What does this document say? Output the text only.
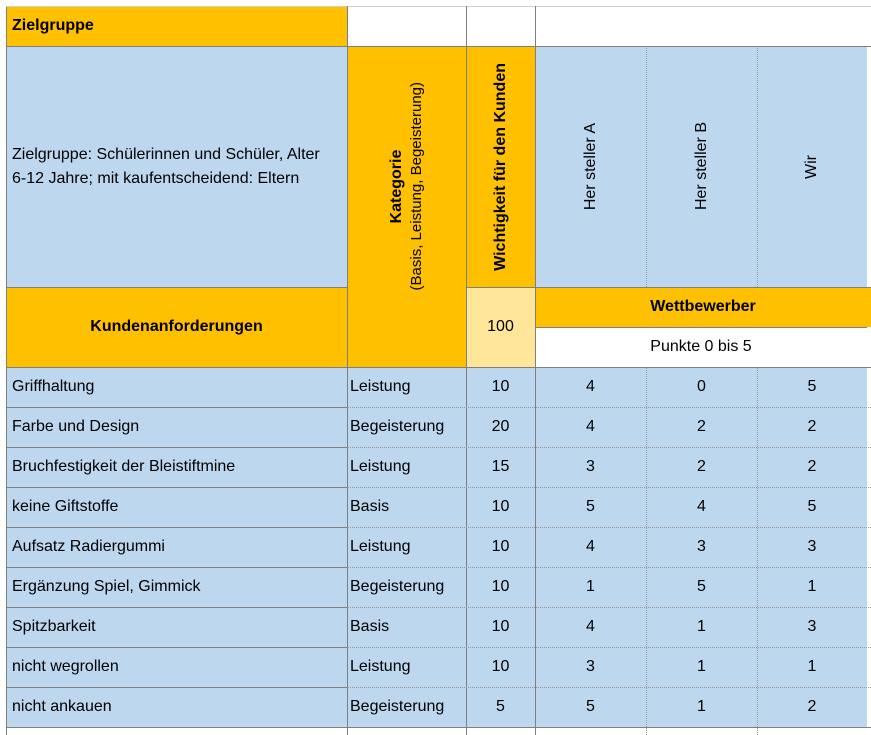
Zielgruppe
Zielgruppe: Schülerinnen und Schüler, Alter
6-12 Jahre; mit kaufentscheidend: Eltern	Kategorie (Basis, Leistung, Begeisterung)	Wichtigkeit für den Kunden	Her steller A	Her steller B	Wir
Kundenanforderungen	100
Wettbewerber
Punkte 0 bis 5
Griffhaltung	Leistung	10	4	0	5
Farbe und Design	Begeisterung	20	4	2	2
Bruchfestigkeit der Bleistiftmine	Leistung	15	3	2	2
keine Giftstoffe	Basis	10	5	4	5
Aufsatz Radiergummi	Leistung	10	4	3	3
Ergänzung Spiel, Gimmick	Begeisterung	10	1	5	1
Spitzbarkeit	Basis	10	4	1	3
nicht wegrollen	Leistung	10	3	1	1
nicht ankauen	Begeisterung	5	5	1	2
